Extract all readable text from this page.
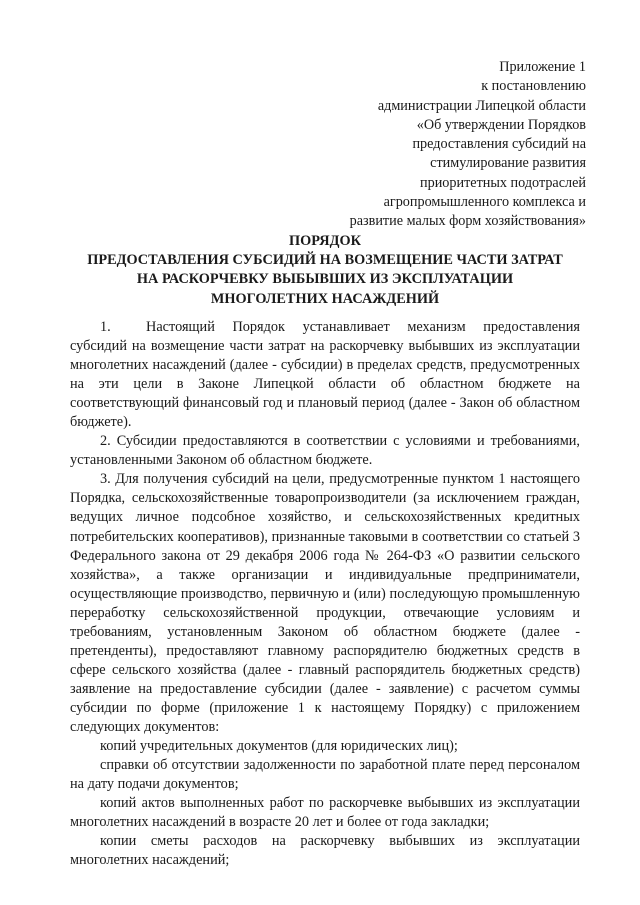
Приложение 1
к постановлению
администрации Липецкой области
«Об утверждении Порядков
предоставления субсидий на
стимулирование развития
приоритетных подотраслей
агропромышленного комплекса и
развитие малых форм хозяйствования»
ПОРЯДОК
ПРЕДОСТАВЛЕНИЯ СУБСИДИЙ НА ВОЗМЕЩЕНИЕ ЧАСТИ ЗАТРАТ
НА РАСКОРЧЕВКУ ВЫБЫВШИХ ИЗ ЭКСПЛУАТАЦИИ
МНОГОЛЕТНИХ НАСАЖДЕНИЙ

1. Настоящий Порядок устанавливает механизм предоставления субсидий на возмещение части затрат на раскорчевку выбывших из эксплуатации многолетних насаждений (далее - субсидии) в пределах средств, предусмотренных на эти цели в Законе Липецкой области об областном бюджете на соответствующий финансовый год и плановый период (далее - Закон об областном бюджете).

2. Субсидии предоставляются в соответствии с условиями и требованиями, установленными Законом об областном бюджете.

3. Для получения субсидий на цели, предусмотренные пунктом 1 настоящего Порядка, сельскохозяйственные товаропроизводители (за исключением граждан, ведущих личное подсобное хозяйство, и сельскохозяйственных кредитных потребительских кооперативов), признанные таковыми в соответствии со статьей 3 Федерального закона от 29 декабря 2006 года № 264-ФЗ «О развитии сельского хозяйства», а также организации и индивидуальные предприниматели, осуществляющие производство, первичную и (или) последующую промышленную переработку сельскохозяйственной продукции, отвечающие условиям и требованиям, установленным Законом об областном бюджете (далее - претенденты), предоставляют главному распорядителю бюджетных средств в сфере сельского хозяйства (далее - главный распорядитель бюджетных средств) заявление на предоставление субсидии (далее - заявление) с расчетом суммы субсидии по форме (приложение 1 к настоящему Порядку) с приложением следующих документов:

копий учредительных документов (для юридических лиц);

справки об отсутствии задолженности по заработной плате перед персоналом на дату подачи документов;

копий актов выполненных работ по раскорчевке выбывших из эксплуатации многолетних насаждений в возрасте 20 лет и более от года закладки;

копии сметы расходов на раскорчевку выбывших из эксплуатации многолетних насаждений;
